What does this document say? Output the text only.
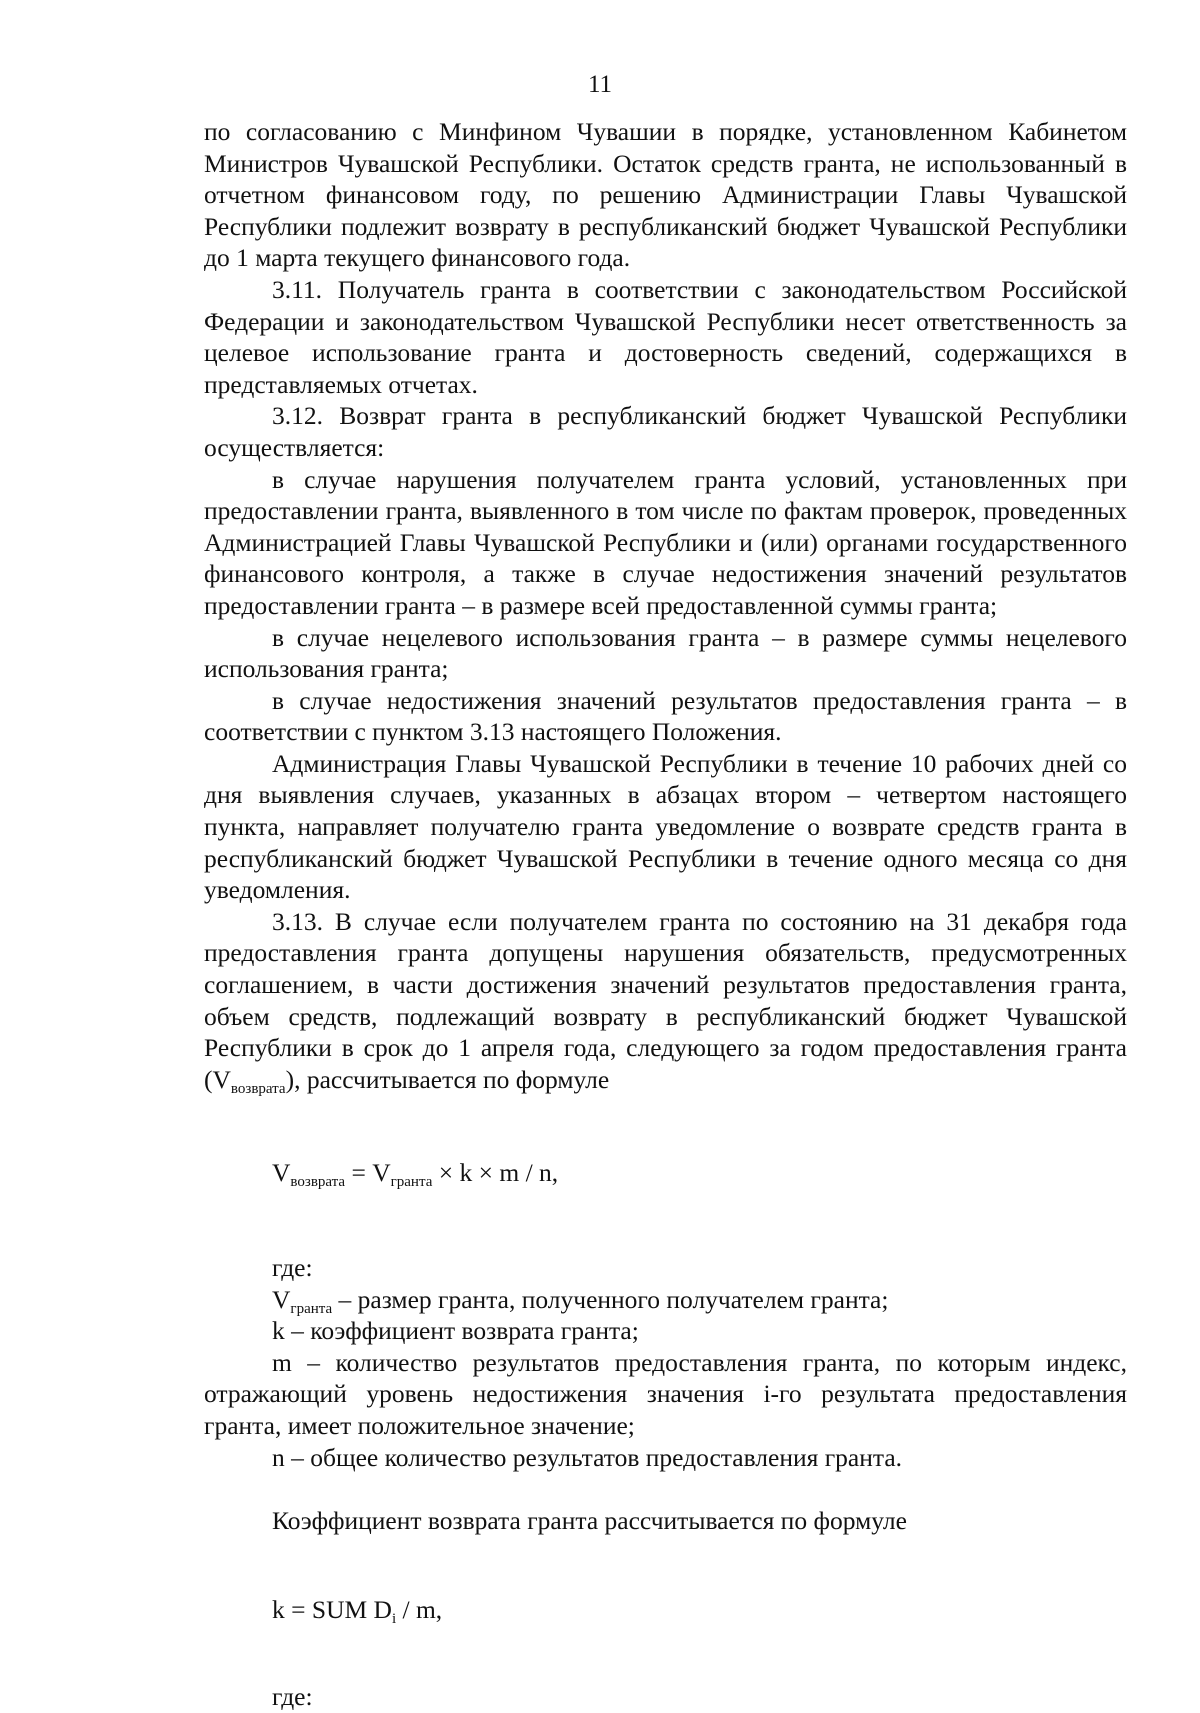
11

по согласованию с Минфином Чувашии в порядке, установленном Кабинетом Министров Чувашской Республики. Остаток средств гранта, не использованный в отчетном финансовом году, по решению Администрации Главы Чувашской Республики подлежит возврату в республиканский бюджет Чувашской Республики до 1 марта текущего финансового года.

3.11. Получатель гранта в соответствии с законодательством Российской Федерации и законодательством Чувашской Республики несет ответственность за целевое использование гранта и достоверность сведений, содержащихся в представляемых отчетах.

3.12. Возврат гранта в республиканский бюджет Чувашской Республики осуществляется:

в случае нарушения получателем гранта условий, установленных при предоставлении гранта, выявленного в том числе по фактам проверок, проведенных Администрацией Главы Чувашской Республики и (или) органами государственного финансового контроля, а также в случае недостижения значений результатов предоставлении гранта – в размере всей предоставленной суммы гранта;

в случае нецелевого использования гранта – в размере суммы нецелевого использования гранта;

в случае недостижения значений результатов предоставления гранта – в соответствии с пунктом 3.13 настоящего Положения.

Администрация Главы Чувашской Республики в течение 10 рабочих дней со дня выявления случаев, указанных в абзацах втором – четвертом настоящего пункта, направляет получателю гранта уведомление о возврате средств гранта в республиканский бюджет Чувашской Республики в течение одного месяца со дня уведомления.

3.13. В случае если получателем гранта по состоянию на 31 декабря года предоставления гранта допущены нарушения обязательств, предусмотренных соглашением, в части достижения значений результатов предоставления гранта, объем средств, подлежащий возврату в республиканский бюджет Чувашской Республики в срок до 1 апреля года, следующего за годом предоставления гранта $(V_{возврата})$, рассчитывается по формуле

$V_{возврата} = V_{гранта} \times k \times m / n$,

где:

$V_{гранта}$ – размер гранта, полученного получателем гранта;

k – коэффициент возврата гранта;

m – количество результатов предоставления гранта, по которым индекс, отражающий уровень недостижения значения i-го результата предоставления гранта, имеет положительное значение;

n – общее количество результатов предоставления гранта.

Коэффициент возврата гранта рассчитывается по формуле

k = SUM $D_i$ / m,

где:
